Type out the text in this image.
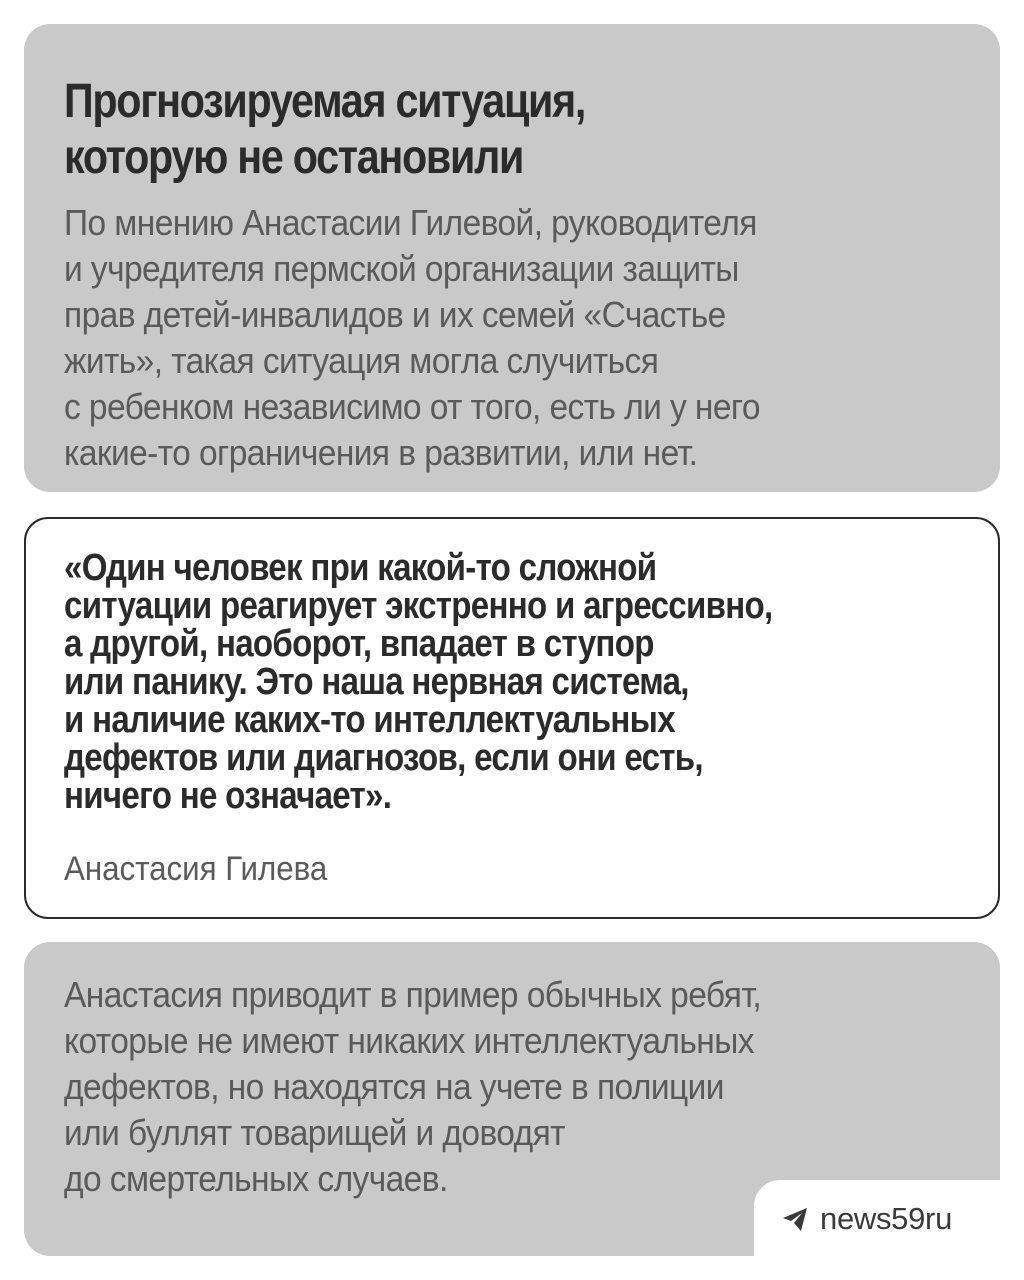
Прогнозируемая ситуация,
которую не остановили

По мнению Анастасии Гилевой, руководителя
и учредителя пермской организации защиты
прав детей-инвалидов и их семей «Счастье
жить», такая ситуация могла случиться
с ребенком независимо от того, есть ли у него
какие-то ограничения в развитии, или нет.

«Один человек при какой-то сложной
ситуации реагирует экстренно и агрессивно,
а другой, наоборот, впадает в ступор
или панику. Это наша нервная система,
и наличие каких-то интеллектуальных
дефектов или диагнозов, если они есть,
ничего не означает».
Анастасия Гилева

Анастасия приводит в пример обычных ребят,
которые не имеют никаких интеллектуальных
дефектов, но находятся на учете в полиции
или буллят товарищей и доводят
до смертельных случаев.

news59ru
